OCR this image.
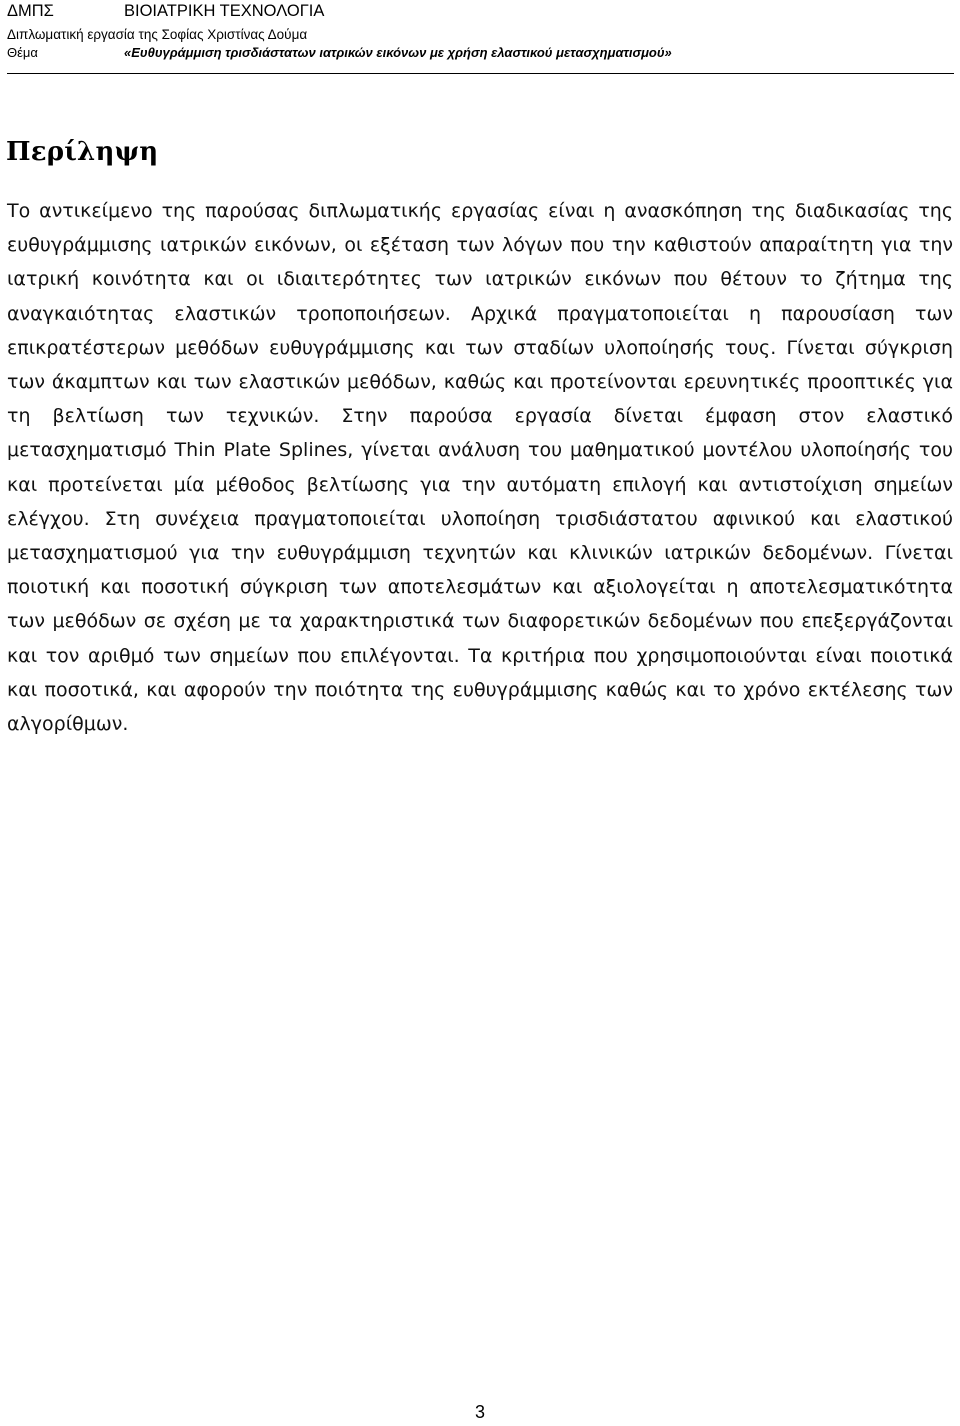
ΔΜΠΣ	ΒΙΟΙΑΤΡΙΚΗ ΤΕΧΝΟΛΟΓΙΑ
Διπλωματική εργασία της Σοφίας Χριστίνας Δούμα
Θέμα	«Ευθυγράμμιση τρισδιάστατων ιατρικών εικόνων με χρήση ελαστικού μετασχηματισμού»
Περίληψη

Το αντικείμενο της παρούσας διπλωματικής εργασίας είναι η ανασκόπηση της διαδικασίας της ευθυγράμμισης ιατρικών εικόνων, οι εξέταση των λόγων που την καθιστούν απαραίτητη για την ιατρική κοινότητα και οι ιδιαιτερότητες των ιατρικών εικόνων που θέτουν το ζήτημα της αναγκαιότητας ελαστικών τροποποιήσεων. Αρχικά πραγματοποιείται η παρουσίαση των επικρατέστερων μεθόδων ευθυγράμμισης και των σταδίων υλοποίησής τους. Γίνεται σύγκριση των άκαμπτων και των ελαστικών μεθόδων, καθώς και προτείνονται ερευνητικές προοπτικές για τη βελτίωση των τεχνικών. Στην παρούσα εργασία δίνεται έμφαση στον ελαστικό μετασχηματισμό Thin Plate Splines, γίνεται ανάλυση του μαθηματικού μοντέλου υλοποίησής του και προτείνεται μία μέθοδος βελτίωσης για την αυτόματη επιλογή και αντιστοίχιση σημείων ελέγχου. Στη συνέχεια πραγματοποιείται υλοποίηση τρισδιάστατου αφινικού και ελαστικού μετασχηματισμού για την ευθυγράμμιση τεχνητών και κλινικών ιατρικών δεδομένων. Γίνεται ποιοτική και ποσοτική σύγκριση των αποτελεσμάτων και αξιολογείται η αποτελεσματικότητα των μεθόδων σε σχέση με τα χαρακτηριστικά των διαφορετικών δεδομένων που επεξεργάζονται και τον αριθμό των σημείων που επιλέγονται. Τα κριτήρια που χρησιμοποιούνται είναι ποιοτικά και ποσοτικά, και αφορούν την ποιότητα της ευθυγράμμισης καθώς και το χρόνο εκτέλεσης των αλγορίθμων.

3
